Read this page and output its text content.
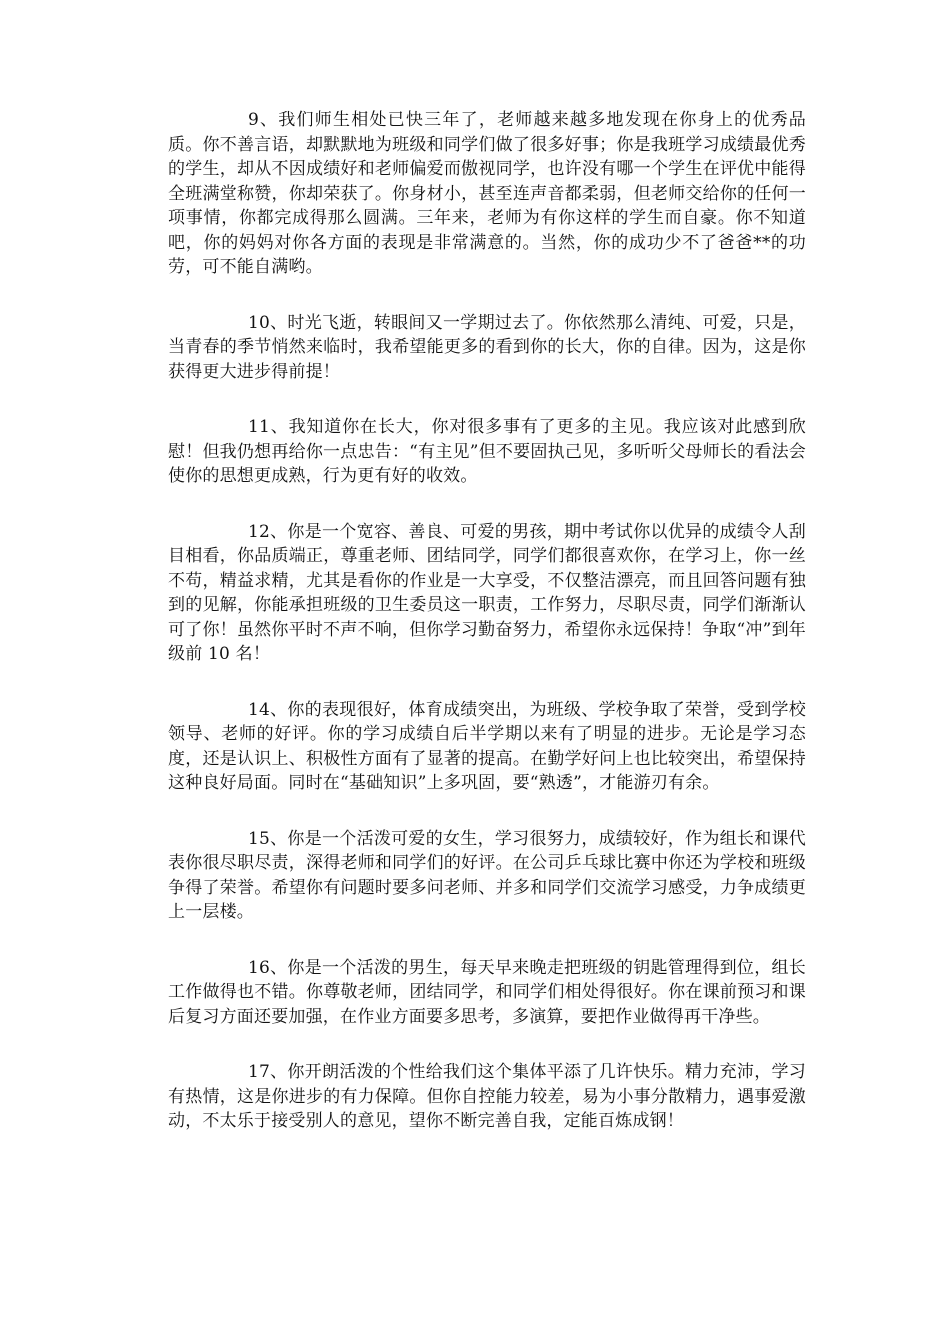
9、我们师生相处已快三年了，老师越来越多地发现在你身上的优秀品质。你不善言语，却默默地为班级和同学们做了很多好事；你是我班学习成绩最优秀的学生，却从不因成绩好和老师偏爱而傲视同学，也许没有哪一个学生在评优中能得全班满堂称赞，你却荣获了。你身材小，甚至连声音都柔弱，但老师交给你的任何一项事情，你都完成得那么圆满。三年来，老师为有你这样的学生而自豪。你不知道吧，你的妈妈对你各方面的表现是非常满意的。当然，你的成功少不了爸爸**的功劳，可不能自满哟。

10、时光飞逝，转眼间又一学期过去了。你依然那么清纯、可爱，只是，当青春的季节悄然来临时，我希望能更多的看到你的长大，你的自律。因为，这是你获得更大进步得前提！

11、我知道你在长大，你对很多事有了更多的主见。我应该对此感到欣慰！但我仍想再给你一点忠告：“有主见”但不要固执己见，多听听父母师长的看法会使你的思想更成熟，行为更有好的收效。

12、你是一个宽容、善良、可爱的男孩，期中考试你以优异的成绩令人刮目相看，你品质端正，尊重老师、团结同学，同学们都很喜欢你，在学习上，你一丝不苟，精益求精，尤其是看你的作业是一大享受，不仅整洁漂亮，而且回答问题有独到的见解，你能承担班级的卫生委员这一职责，工作努力，尽职尽责，同学们渐渐认可了你！虽然你平时不声不响，但你学习勤奋努力，希望你永远保持！争取“冲”到年级前 10 名！

14、你的表现很好，体育成绩突出，为班级、学校争取了荣誉，受到学校领导、老师的好评。你的学习成绩自后半学期以来有了明显的进步。无论是学习态度，还是认识上、积极性方面有了显著的提高。在勤学好问上也比较突出，希望保持这种良好局面。同时在“基础知识”上多巩固，要“熟透”，才能游刃有余。

15、你是一个活泼可爱的女生，学习很努力，成绩较好，作为组长和课代表你很尽职尽责，深得老师和同学们的好评。在公司乒乓球比赛中你还为学校和班级争得了荣誉。希望你有问题时要多问老师、并多和同学们交流学习感受，力争成绩更上一层楼。

16、你是一个活泼的男生，每天早来晚走把班级的钥匙管理得到位，组长工作做得也不错。你尊敬老师，团结同学，和同学们相处得很好。你在课前预习和课后复习方面还要加强，在作业方面要多思考，多演算，要把作业做得再干净些。

17、你开朗活泼的个性给我们这个集体平添了几许快乐。精力充沛，学习有热情，这是你进步的有力保障。但你自控能力较差，易为小事分散精力，遇事爱激动，不太乐于接受别人的意见，望你不断完善自我，定能百炼成钢！
